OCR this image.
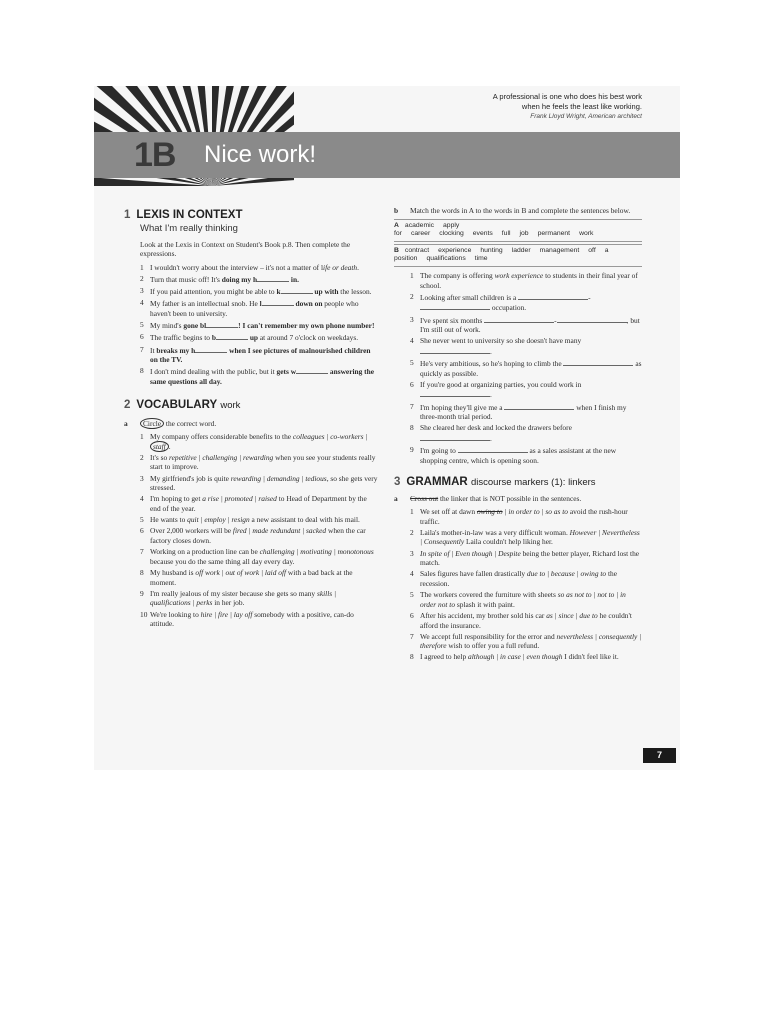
A professional is one who does his best work
when he feels the least like working.
Frank Lloyd Wright, American architect
1B Nice work!
1 LEXIS IN CONTEXT
What I'm really thinking
Look at the Lexis in Context on Student's Book p.8. Then complete the expressions.
1 I wouldn't worry about the interview – it's not a matter of life or death.
2 Turn that music off! It's doing my h	in.
3 If you paid attention, you might be able to k	up with the lesson.
4 My father is an intellectual snob. He l	down on people who haven't been to university.
5 My mind's gone bl	! I can't remember my own phone number!
6 The traffic begins to b	up at around 7 o'clock on weekdays.
7 It breaks my h	when I see pictures of malnourished children on the TV.
8 I don't mind dealing with the public, but it gets w	answering the same questions all day.
2 VOCABULARY work
a Circle the correct word.
1 My company offers considerable benefits to the colleagues | co-workers | staff .
2 It's so repetitive | challenging | rewarding when you see your students really start to improve.
3 My girlfriend's job is quite rewarding | demanding | tedious, so she gets very stressed.
4 I'm hoping to get a rise | promoted | raised to Head of Department by the end of the year.
5 He wants to quit | employ | resign a new assistant to deal with his mail.
6 Over 2,000 workers will be fired | made redundant | sacked when the car factory closes down.
7 Working on a production line can be challenging | motivating | monotonous because you do the same thing all day every day.
8 My husband is off work | out of work | laid off with a bad back at the moment.
9 I'm really jealous of my sister because she gets so many skills | qualifications | perks in her job.
10 We're looking to hire | fire | lay off somebody with a positive, can-do attitude.
b Match the words in A to the words in B and complete the sentences below.
A academic apply for career clocking events full job permanent work
B contract experience hunting ladder management off a position qualifications time
1 The company is offering work experience to students in their final year of school.
2 Looking after small children is a	- occupation.
3 I've spent six months	-	, but I'm still out of work.
4 She never went to university so she doesn't have many .
5 He's very ambitious, so he's hoping to climb the	as quickly as possible.
6 If you're good at organizing parties, you could work in .
7 I'm hoping they'll give me a	when I finish my three-month trial period.
8 She cleared her desk and locked the drawers before .
9 I'm going to	as a sales assistant at the new shopping centre, which is opening soon.
3 GRAMMAR discourse markers (1): linkers
a Cross out the linker that is NOT possible in the sentences.
1 We set off at dawn owing to | in order to | so as to avoid the rush-hour traffic.
2 Laila's mother-in-law was a very difficult woman. However | Nevertheless | Consequently Laila couldn't help liking her.
3 In spite of | Even though | Despite being the better player, Richard lost the match.
4 Sales figures have fallen drastically due to | because | owing to the recession.
5 The workers covered the furniture with sheets so as not to | not to | in order not to splash it with paint.
6 After his accident, my brother sold his car as | since | due to he couldn't afford the insurance.
7 We accept full responsibility for the error and nevertheless | consequently | therefore wish to offer you a full refund.
8 I agreed to help although | in case | even though I didn't feel like it.
7
